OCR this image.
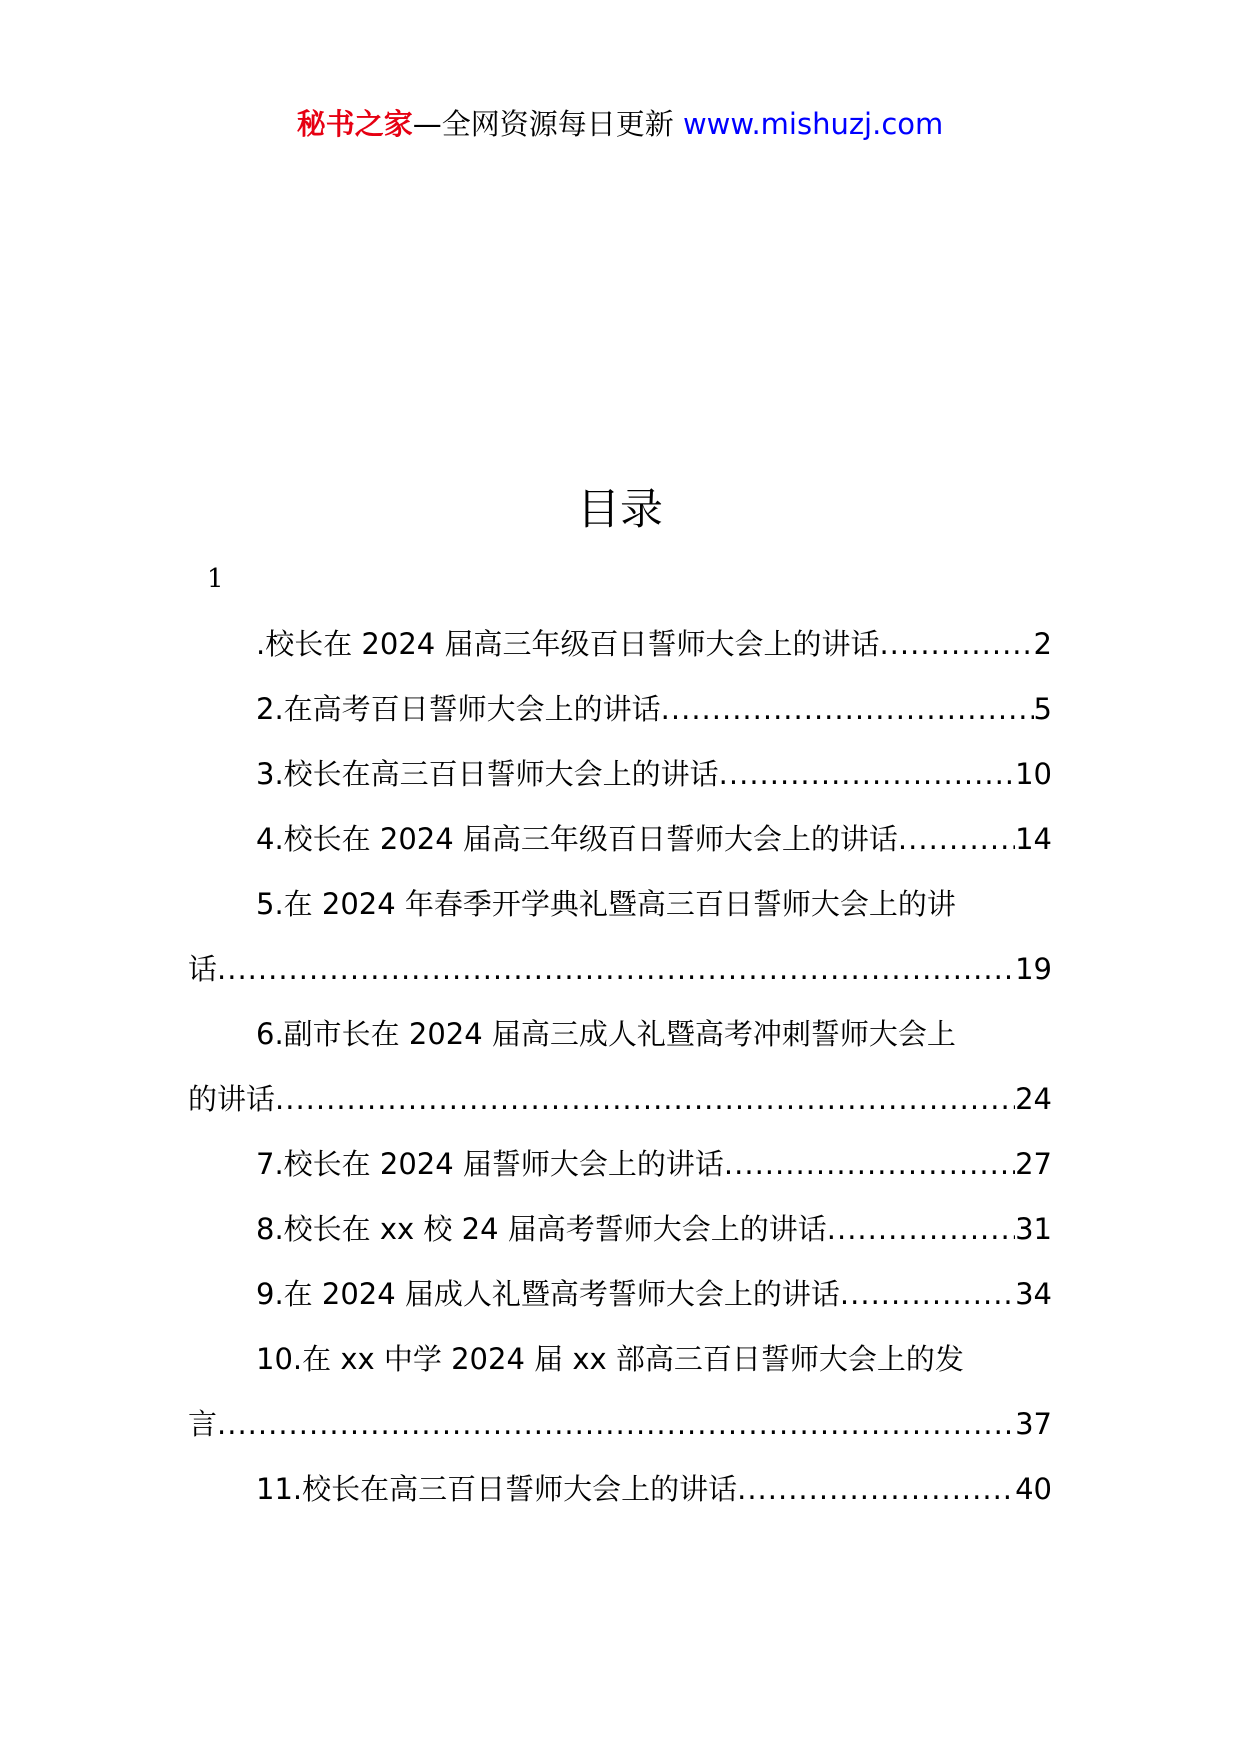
秘书之家—全网资源每日更新 www.mishuzj.com
目录
1
.校长在 2024 届高三年级百日誓师大会上的讲话 .....	2
2.在高考百日誓师大会上的讲话 .....	5
3.校长在高三百日誓师大会上的讲话 .....	10
4.校长在 2024 届高三年级百日誓师大会上的讲话 .....	14
5.在 2024 年春季开学典礼暨高三百日誓师大会上的讲
话 .....	19
6.副市长在 2024 届高三成人礼暨高考冲刺誓师大会上
的讲话 .....	24
7.校长在 2024 届誓师大会上的讲话 .....	27
8.校长在 xx 校 24 届高考誓师大会上的讲话 .....	31
9.在 2024 届成人礼暨高考誓师大会上的讲话 .....	34
10.在 xx 中学 2024 届 xx 部高三百日誓师大会上的发
言 .....	37
11.校长在高三百日誓师大会上的讲话 .....	40
